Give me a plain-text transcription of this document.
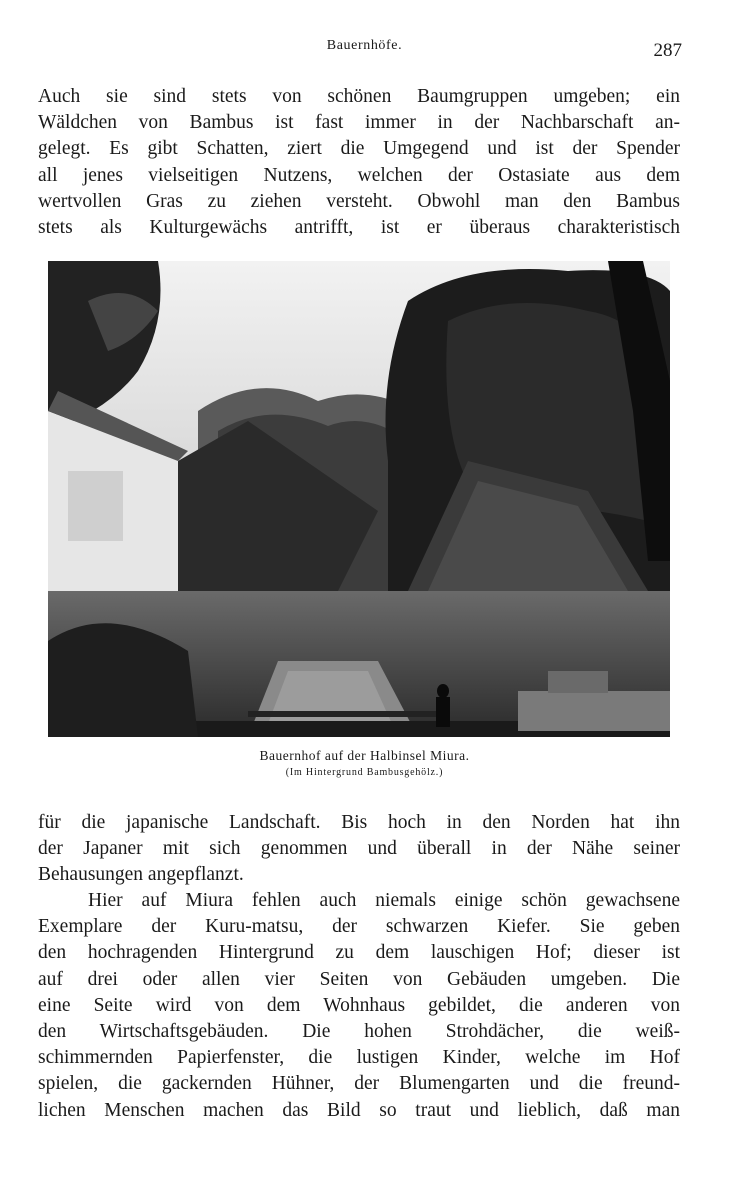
Bauernhöfe.	287
Auch sie sind stets von schönen Baumgruppen umgeben; ein
Wäldchen von Bambus ist fast immer in der Nachbarschaft an-
gelegt. Es gibt Schatten, ziert die Umgegend und ist der Spender
all jenes vielseitigen Nutzens, welchen der Ostasiate aus dem
wertvollen Gras zu ziehen versteht. Obwohl man den Bambus
stets als Kulturgewächs antrifft, ist er überaus charakteristisch

Bauernhof auf der Halbinsel Miura.

(Im Hintergrund Bambusgehölz.)

für die japanische Landschaft. Bis hoch in den Norden hat ihn
der Japaner mit sich genommen und überall in der Nähe seiner
Behausungen angepflanzt.
Hier auf Miura fehlen auch niemals einige schön gewachsene
Exemplare der Kuru-matsu, der schwarzen Kiefer. Sie geben
den hochragenden Hintergrund zu dem lauschigen Hof; dieser ist
auf drei oder allen vier Seiten von Gebäuden umgeben. Die
eine Seite wird von dem Wohnhaus gebildet, die anderen von
den Wirtschaftsgebäuden. Die hohen Strohdächer, die weiß-
schimmernden Papierfenster, die lustigen Kinder, welche im Hof
spielen, die gackernden Hühner, der Blumengarten und die freund-
lichen Menschen machen das Bild so traut und lieblich, daß man
